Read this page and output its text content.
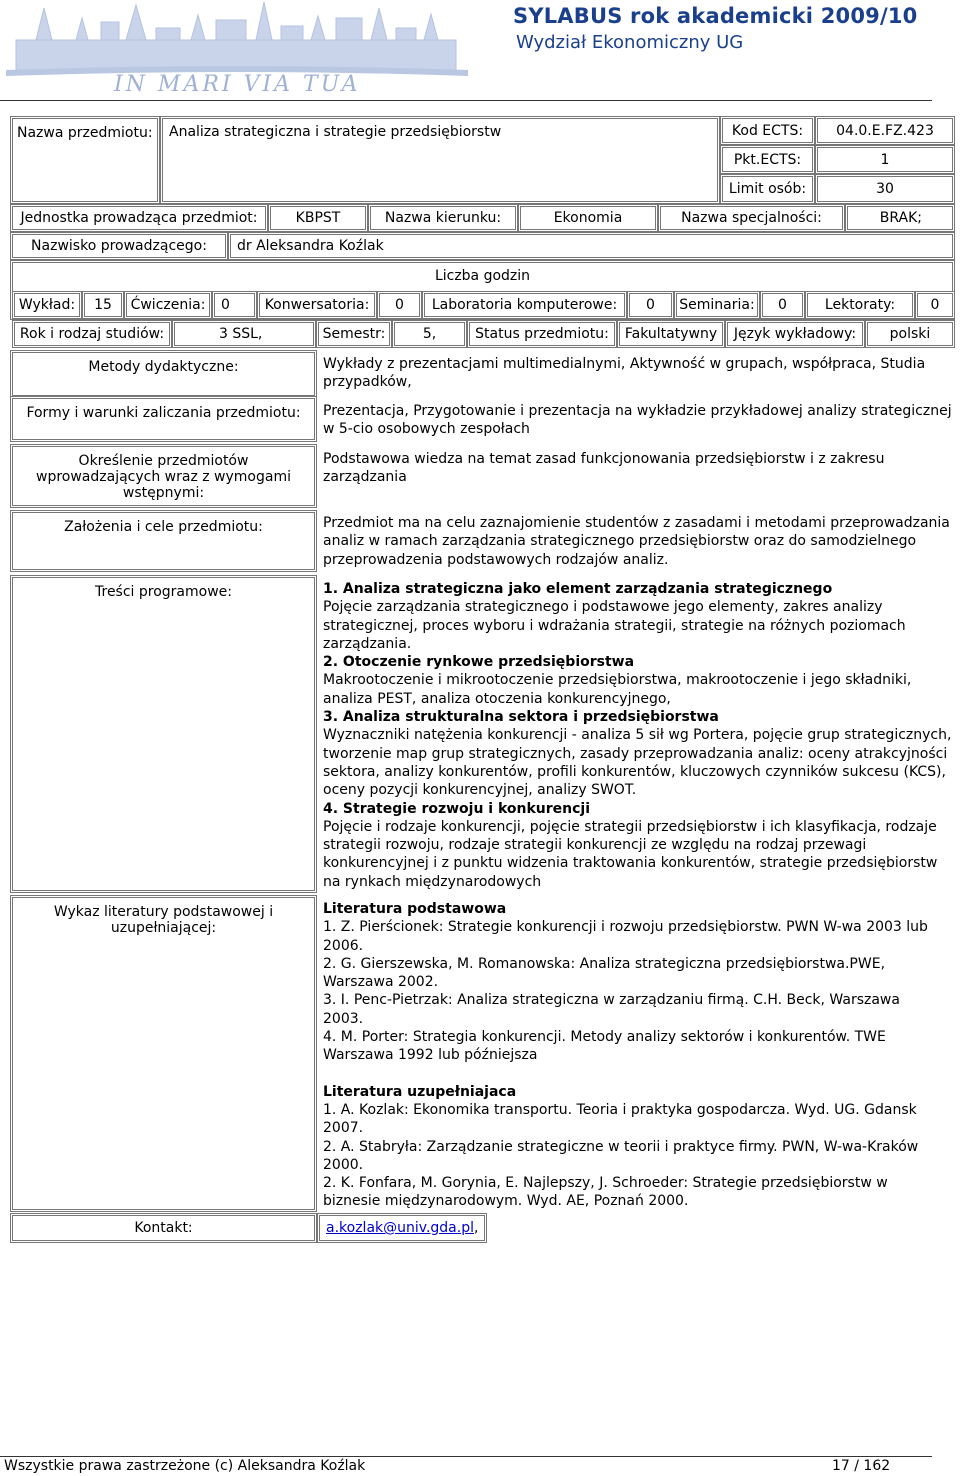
IN MARI VIA TUA
SYLABUS rok akademicki 2009/10
Wydział Ekonomiczny UG
Nazwa przedmiotu:	Analiza strategiczna i strategie przedsiębiorstw	Kod ECTS: 04.0.E.FZ.423
Pkt.ECTS:	1
Limit osób:	30
Jednostka prowadząca przedmiot:	KBPST	Nazwa kierunku:	Ekonomia	Nazwa specjalności:	BRAK;
Nazwisko prowadzącego: dr Aleksandra Koźlak
Liczba godzin
Wykład: 15 Ćwiczenia: 0 Konwersatoria: 0 Laboratoria komputerowe: 0 Seminaria: 0	Lektoraty:	0
Rok i rodzaj studiów:	3 SSL,	Semestr:	5,	Status przedmiotu: Fakultatywny Język wykładowy: polski
Metody dydaktyczne:	Wykłady z prezentacjami multimedialnymi, Aktywność w grupach, współpraca, Studia przypadków,

Formy i warunki zaliczania przedmiotu: Prezentacja, Przygotowanie i prezentacja na wykładzie przykładowej analizy strategicznej w 5-cio osobowych zespołach

Określenie przedmiotów wprowadzających wraz z wymogami wstępnymi:

Podstawowa wiedza na temat zasad funkcjonowania przedsiębiorstw i z zakresu zarządzania

Założenia i cele przedmiotu:	Przedmiot ma na celu zaznajomienie studentów z zasadami i metodami przeprowadzania analiz w ramach zarządzania strategicznego przedsiębiorstw oraz do samodzielnego przeprowadzenia podstawowych rodzajów analiz.

Treści programowe:	1. Analiza strategiczna jako element zarządzania strategicznego

Pojęcie zarządzania strategicznego i podstawowe jego elementy, zakres analizy strategicznej, proces wyboru i wdrażania strategii, strategie na różnych poziomach zarządzania.

2. Otoczenie rynkowe przedsiębiorstwa

Makrootoczenie i mikrootoczenie przedsiębiorstwa, makrootoczenie i jego składniki, analiza PEST, analiza otoczenia konkurencyjnego,

3. Analiza strukturalna sektora i przedsiębiorstwa

Wyznaczniki natężenia konkurencji - analiza 5 sił wg Portera, pojęcie grup strategicznych, tworzenie map grup strategicznych, zasady przeprowadzania analiz: oceny atrakcyjności sektora, analizy konkurentów, profili konkurentów, kluczowych czynników sukcesu (KCS), oceny pozycji konkurencyjnej, analizy SWOT.

4. Strategie rozwoju i konkurencji

Pojęcie i rodzaje konkurencji, pojęcie strategii przedsiębiorstw i ich klasyfikacja, rodzaje strategii rozwoju, rodzaje strategii konkurencji ze względu na rodzaj przewagi konkurencyjnej i z punktu widzenia traktowania konkurentów, strategie przedsiębiorstw na rynkach międzynarodowych

Wykaz literatury podstawowej i uzupełniającej:

Literatura podstawowa

1. Z. Pierścionek: Strategie konkurencji i rozwoju przedsiębiorstw. PWN W-wa 2003 lub 2006.

2. G. Gierszewska, M. Romanowska: Analiza strategiczna przedsiębiorstwa.PWE, Warszawa 2002.

3. I. Penc-Pietrzak: Analiza strategiczna w zarządzaniu firmą. C.H. Beck, Warszawa 2003.

4. M. Porter: Strategia konkurencji. Metody analizy sektorów i konkurentów. TWE Warszawa 1992 lub późniejsza

Literatura uzupełniajaca

1. A. Kozlak: Ekonomika transportu. Teoria i praktyka gospodarcza. Wyd. UG. Gdansk 2007.

2. A. Stabryła: Zarządzanie strategiczne w teorii i praktyce firmy. PWN, W-wa-Kraków 2000.

2. K. Fonfara, M. Gorynia, E. Najlepszy, J. Schroeder: Strategie przedsiębiorstw w biznesie międzynarodowym. Wyd. AE, Poznań 2000.

Kontakt:	a.kozlak@univ.gda.pl ,
Wszystkie prawa zastrzeżone (c) Aleksandra Koźlak	17 / 162
